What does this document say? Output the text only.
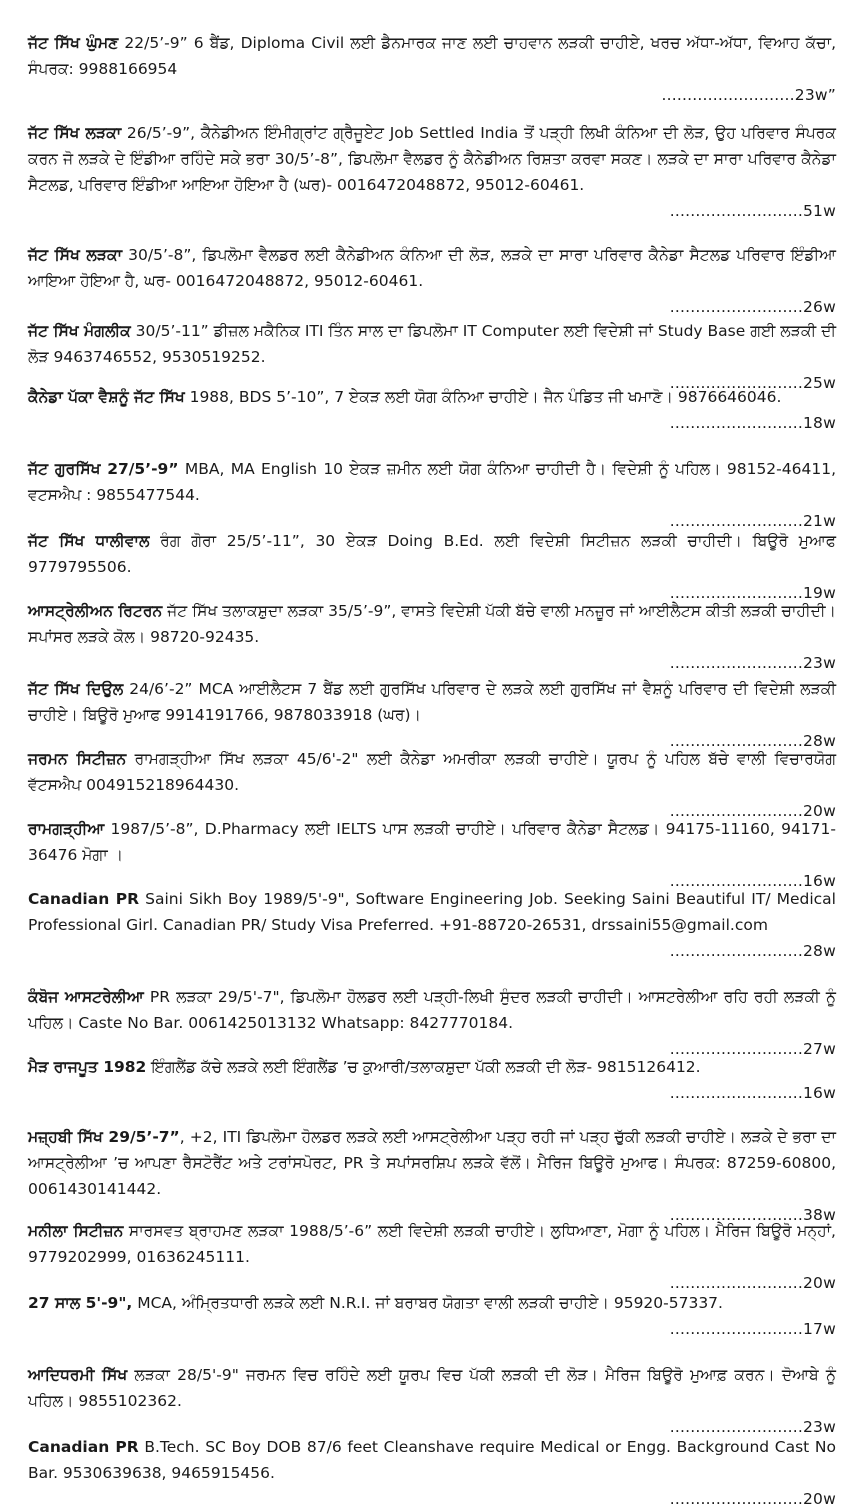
ਜੱਟ ਸਿੱਖ ਘੁੰਮਣ 22/5’-9” 6 ਬੈਂਡ, Diploma Civil ਲਈ ਡੈਨਮਾਰਕ ਜਾਣ ਲਈ ਚਾਹਵਾਨ ਲੜਕੀ ਚਾਹੀਏ, ਖਰਚ ਅੱਧਾ-ਅੱਧਾ, ਵਿਆਹ ਕੱਚਾ, ਸੰਪਰਕ: 9988166954
..........................23w”
ਜੱਟ ਸਿੱਖ ਲੜਕਾ 26/5’-9”, ਕੈਨੇਡੀਅਨ ਇੰਮੀਗ੍ਰਾਂਟ ਗ੍ਰੈਜੂਏਟ Job Settled India ਤੋਂ ਪੜ੍ਹੀ ਲਿਖੀ ਕੰਨਿਆ ਦੀ ਲੋੜ, ਉਹ ਪਰਿਵਾਰ ਸੰਪਰਕ ਕਰਨ ਜੋ ਲੜਕੇ ਦੇ ਇੰਡੀਆ ਰਹਿੰਦੇ ਸਕੇ ਭਰਾ 30/5’-8”, ਡਿਪਲੋਮਾ ਵੈਲਡਰ ਨੂੰ ਕੈਨੇਡੀਅਨ ਰਿਸ਼ਤਾ ਕਰਵਾ ਸਕਣ। ਲੜਕੇ ਦਾ ਸਾਰਾ ਪਰਿਵਾਰ ਕੈਨੇਡਾ ਸੈਟਲਡ, ਪਰਿਵਾਰ ਇੰਡੀਆ ਆਇਆ ਹੋਇਆ ਹੈ (ਘਰ)- 0016472048872, 95012-60461.
..........................51w
ਜੱਟ ਸਿੱਖ ਲੜਕਾ 30/5’-8”, ਡਿਪਲੋਮਾ ਵੈਲਡਰ ਲਈ ਕੈਨੇਡੀਅਨ ਕੰਨਿਆ ਦੀ ਲੋੜ, ਲੜਕੇ ਦਾ ਸਾਰਾ ਪਰਿਵਾਰ ਕੈਨੇਡਾ ਸੈਟਲਡ ਪਰਿਵਾਰ ਇੰਡੀਆ ਆਇਆ ਹੋਇਆ ਹੈ, ਘਰ- 0016472048872, 95012-60461.
..........................26w
ਜੱਟ ਸਿੱਖ ਮੰਗਲੀਕ 30/5’-11” ਡੀਜ਼ਲ ਮਕੈਨਿਕ ITI ਤਿੰਨ ਸਾਲ ਦਾ ਡਿਪਲੋਮਾ IT Computer ਲਈ ਵਿਦੇਸ਼ੀ ਜਾਂ Study Base ਗਈ ਲੜਕੀ ਦੀ ਲੋੜ 9463746552, 9530519252.
..........................25w
ਕੈਨੇਡਾ ਪੱਕਾ ਵੈਸ਼ਨੂੰ ਜੱਟ ਸਿੱਖ 1988, BDS 5’-10”, 7 ਏਕੜ ਲਈ ਯੋਗ ਕੰਨਿਆ ਚਾਹੀਏ। ਜੈਨ ਪੰਡਿਤ ਜੀ ਖਮਾਣੋ। 9876646046.
..........................18w
ਜੱਟ ਗੁਰਸਿੱਖ 27/5’-9” MBA, MA English 10 ਏਕੜ ਜ਼ਮੀਨ ਲਈ ਯੋਗ ਕੰਨਿਆ ਚਾਹੀਦੀ ਹੈ। ਵਿਦੇਸ਼ੀ ਨੂੰ ਪਹਿਲ। 98152-46411, ਵਟਸਐਪ : 9855477544.
..........................21w
ਜੱਟ ਸਿੱਖ ਧਾਲੀਵਾਲ ਰੰਗ ਗੋਰਾ 25/5’-11”, 30 ਏਕੜ Doing B.Ed. ਲਈ ਵਿਦੇਸ਼ੀ ਸਿਟੀਜ਼ਨ ਲੜਕੀ ਚਾਹੀਦੀ। ਬਿਊਰੋ ਮੁਆਫ 9779795506.
..........................19w
ਆਸਟ੍ਰੇਲੀਅਨ ਰਿਟਰਨ ਜੱਟ ਸਿੱਖ ਤਲਾਕਸ਼ੁਦਾ ਲੜਕਾ 35/5’-9”, ਵਾਸਤੇ ਵਿਦੇਸ਼ੀ ਪੱਕੀ ਬੱਚੇ ਵਾਲੀ ਮਨਜ਼ੂਰ ਜਾਂ ਆਈਲੈਟਸ ਕੀਤੀ ਲੜਕੀ ਚਾਹੀਦੀ। ਸਪਾਂਸਰ ਲੜਕੇ ਕੋਲ। 98720-92435.
..........................23w
ਜੱਟ ਸਿੱਖ ਦਿਉਲ 24/6’-2” MCA ਆਈਲੈਟਸ 7 ਬੈਂਡ ਲਈ ਗੁਰਸਿੱਖ ਪਰਿਵਾਰ ਦੇ ਲੜਕੇ ਲਈ ਗੁਰਸਿੱਖ ਜਾਂ ਵੈਸ਼ਨੂੰ ਪਰਿਵਾਰ ਦੀ ਵਿਦੇਸ਼ੀ ਲੜਕੀ ਚਾਹੀਏ। ਬਿਊਰੋ ਮੁਆਫ 9914191766, 9878033918 (ਘਰ)।
..........................28w
ਜਰਮਨ ਸਿਟੀਜ਼ਨ ਰਾਮਗੜ੍ਹੀਆ ਸਿੱਖ ਲੜਕਾ 45/6'-2" ਲਈ ਕੈਨੇਡਾ ਅਮਰੀਕਾ ਲੜਕੀ ਚਾਹੀਏ। ਯੂਰਪ ਨੂੰ ਪਹਿਲ ਬੱਚੇ ਵਾਲੀ ਵਿਚਾਰਯੋਗ ਵੱਟਸਐਪ 004915218964430.
..........................20w
ਰਾਮਗੜ੍ਹੀਆ 1987/5’-8”, D.Pharmacy ਲਈ IELTS ਪਾਸ ਲੜਕੀ ਚਾਹੀਏ। ਪਰਿਵਾਰ ਕੈਨੇਡਾ ਸੈਟਲਡ। 94175-11160, 94171-36476 ਮੋਗਾ ।
..........................16w
Canadian PR Saini Sikh Boy 1989/5'-9", Software Engineering Job. Seeking Saini Beautiful IT/ Medical Professional Girl. Canadian PR/ Study Visa Preferred. +91-88720-26531, drssaini55@gmail.com
..........................28w
ਕੰਬੋਜ ਆਸਟਰੇਲੀਆ PR ਲੜਕਾ 29/5'-7", ਡਿਪਲੋਮਾ ਹੋਲਡਰ ਲਈ ਪੜ੍ਹੀ-ਲਿਖੀ ਸੁੰਦਰ ਲੜਕੀ ਚਾਹੀਦੀ। ਆਸਟਰੇਲੀਆ ਰਹਿ ਰਹੀ ਲੜਕੀ ਨੂੰ ਪਹਿਲ। Caste No Bar. 0061425013132 Whatsapp: 8427770184.
..........................27w
ਮੈੜ ਰਾਜਪੂਤ 1982 ਇੰਗਲੈਂਡ ਕੱਚੇ ਲੜਕੇ ਲਈ ਇੰਗਲੈਂਡ ’ਚ ਕੁਆਰੀ/ਤਲਾਕਸ਼ੁਦਾ ਪੱਕੀ ਲੜਕੀ ਦੀ ਲੋੜ- 9815126412.
..........................16w
ਮਜ਼੍ਹਬੀ ਸਿੱਖ 29/5’-7”, +2, ITI ਡਿਪਲੋਮਾ ਹੋਲਡਰ ਲੜਕੇ ਲਈ ਆਸਟ੍ਰੇਲੀਆ ਪੜ੍ਹ ਰਹੀ ਜਾਂ ਪੜ੍ਹ ਚੁੱਕੀ ਲੜਕੀ ਚਾਹੀਏ। ਲੜਕੇ ਦੇ ਭਰਾ ਦਾ ਆਸਟ੍ਰੇਲੀਆ ’ਚ ਆਪਣਾ ਰੈਸਟੋਰੈਂਟ ਅਤੇ ਟਰਾਂਸਪੋਰਟ, PR ਤੇ ਸਪਾਂਸਰਸ਼ਿਪ ਲੜਕੇ ਵੱਲੋਂ। ਮੈਰਿਜ ਬਿਊਰੋ ਮੁਆਫ। ਸੰਪਰਕ: 87259-60800, 0061430141442.
..........................38w
ਮਨੀਲਾ ਸਿਟੀਜ਼ਨ ਸਾਰਸਵਤ ਬ੍ਰਾਹਮਣ ਲੜਕਾ 1988/5’-6” ਲਈ ਵਿਦੇਸ਼ੀ ਲੜਕੀ ਚਾਹੀਏ। ਲੁਧਿਆਣਾ, ਮੋਗਾ ਨੂੰ ਪਹਿਲ। ਮੈਰਿਜ ਬਿਊਰੋ ਮਨ੍ਹਾਂ, 9779202999, 01636245111.
..........................20w
27 ਸਾਲ 5'-9", MCA, ਅੰਮ੍ਰਿਤਧਾਰੀ ਲੜਕੇ ਲਈ N.R.I. ਜਾਂ ਬਰਾਬਰ ਯੋਗਤਾ ਵਾਲੀ ਲੜਕੀ ਚਾਹੀਏ। 95920-57337.
..........................17w
ਆਦਿਧਰਮੀ ਸਿੱਖ ਲੜਕਾ 28/5'-9" ਜਰਮਨ ਵਿਚ ਰਹਿੰਦੇ ਲਈ ਯੂਰਪ ਵਿਚ ਪੱਕੀ ਲੜਕੀ ਦੀ ਲੋੜ। ਮੈਰਿਜ ਬਿਊਰੋ ਮੁਆਫ਼ ਕਰਨ। ਦੋਆਬੇ ਨੂੰ ਪਹਿਲ। 9855102362.
..........................23w
Canadian PR B.Tech. SC Boy DOB 87/6 feet Cleanshave require Medical or Engg. Background Cast No Bar. 9530639638, 9465915456.
..........................20w
